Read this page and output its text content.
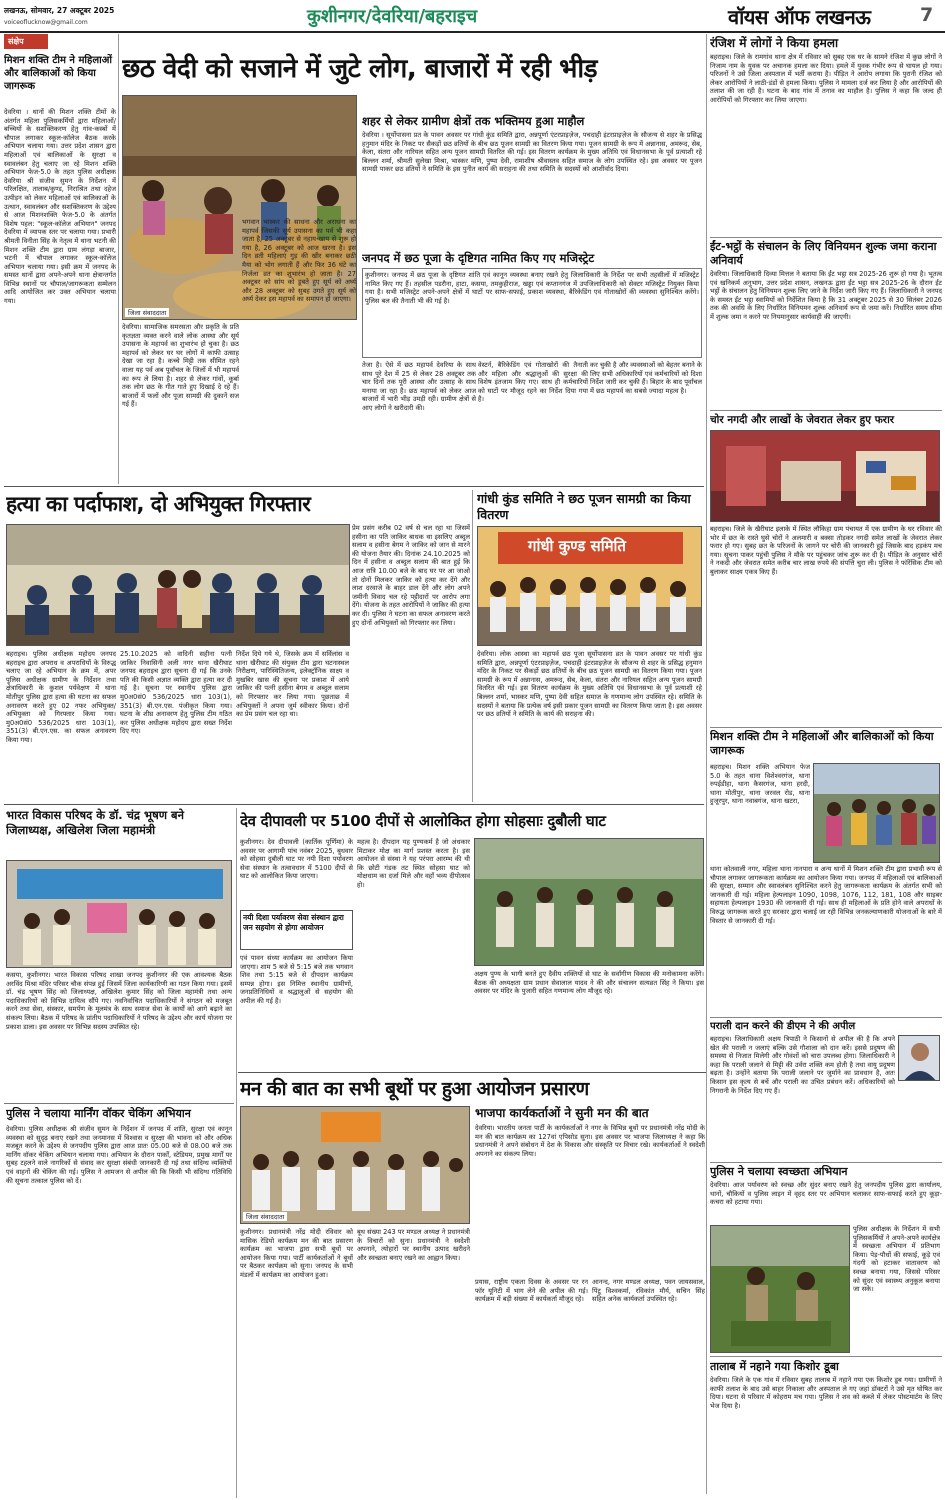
लखनऊ, सोमवार, 27 अक्टूबर 2025
voiceoflucknow@gmail.com	कुशीनगर/देवरिया/बहराइच	वॉयस ऑफ लखनऊ	7
संक्षेप
मिशन शक्ति टीम ने महिलाओं और बालिकाओं को किया जागरूक
देवरिया । थानों की मिशन शक्ति टीमों के अंतर्गत महिला पुलिसकर्मियों द्वारा महिलाओं/बच्चियों के सशक्तिकरण हेतु गांव-कस्बों में चौपाल लगाकर स्कूल-कॉलेज बैठक करके अभियान चलाया गया। उत्तर प्रदेश शासन द्वारा महिलाओं एवं बालिकाओं के सुरक्षा व स्वावलंबन हेतु चलाए जा रहे मिशन शक्ति अभियान फेज-5.0 के तहत पुलिस अधीक्षक देवरिया श्री संजीव सुमन के निर्देशन में परिलक्षित, तालाब/कुण्ड, निराश्रित तथा दहेज उत्पीड़न को लेकर महिलाओं एवं बालिकाओं के उत्थान, स्वावलंबन और सशक्तिकरण के उद्देश्य से आज मिशनशक्ति फेज-5.0 के अंतर्गत विशेष पहल: "स्कूल-कॉलेज अभियान" जनपद देवरिया में व्यापक स्तर पर चलाया गया। प्रभारी श्रीमती विनीता सिंह के नेतृत्व में थाना भटनी की मिशन शक्ति टीम द्वारा ग्राम लंगड़ा बाजार, भटनी में चौपाल लगाकर स्कूल-कॉलेज अभियान चलाया गया। इसी क्रम में जनपद के समस्त थानों द्वारा अपने-अपने थाना क्षेत्रान्तर्गत विभिन्न स्थानों पर चौपाल/जागरूकता सम्मेलन आदि आयोजित कर उक्त अभियान चलाया गया।
छठ वेदी को सजाने में जुटे लोग, बाजारों में रही भीड़
जिला संवाददाता
देवरिया। सामाजिक समरसता और प्रकृति के प्रति कृतज्ञता व्यक्त करने वाले लोक आस्था और सूर्य उपासना के महापर्व का शुभारंभ हो चुका है। छठ महापर्व को लेकर घर घर लोगों में काफी उत्साह देखा जा रहा है। कच्चे मिट्टी तक सीमित रहने वाला यह पर्व अब पूर्वांचल के जिलों में भी महापर्व का रूप ले लिया है। शहर से लेकर गांवों, कूर्बा तक लोग छठ के गीत गाते हुए दिखाई दे रहे हैं। बाजारों में फलों और पूजा सामग्री की दुकानें सज गई हैं।
भगवान भास्कर की साधना और अराधना का महापर्व जिसकी सूर्य उपासना का पर्व भी कहा जाता है, 25 अक्टूबर से नहाय-खाय से शुरू हो गया है, 26 अक्टूबर को आज खरना है। इस दिन व्रती महिलाएं गुड़ की खीर बनाकर छठी मैया को भोग लगाती हैं और फिर 36 घंटे का निर्जला व्रत का शुभारंभ हो जाता है। 27 अक्टूबर को सांय को डूबते हुए सूर्य को अर्घ्य और 28 अक्टूबर को सुबह उगते हुए सूर्य को अर्घ्य देकर इस महापर्व का समापन हो जाएगा।
शहर से लेकर ग्रामीण क्षेत्रों तक भक्तिमय हुआ माहौल
देवरिया । सूर्योपासना प्रत के पावन अवसर पर गांधी कुंड समिति द्वारा, अन्नपूर्णा एंटरप्राइज़ेज, पचदाही इंटरप्राइज़ेज के सौजन्य से शहर के प्रसिद्ध हनुमान मंदिर के निकट पर सैकड़ों छठ व्रतियों के बीच छठ पूजन सामग्री का वितरण किया गया। पूजन सामग्री के रूप में अन्नानास, अमरूद, सेब, केला, संतरा और नारियल सहित अन्य पूजन सामग्री वितरित की गई। इस वितरण कार्यक्रम के मुख्य अतिथि एवं विधानसभा के पूर्व प्रत्याशी रहे बिल्लन शर्मा, श्रीमती सुलेखा मिश्रा, भास्कर मणि, पुष्पा देवी, रामाशीष श्रीवास्तव सहित समाज के लोग उपस्थित रहे। इस अवसर पर पूजन सामग्री पाकर छठ व्रतियों ने समिति के इस पुनीत कार्य की सराहना की तथा समिति के सदस्यों को आशीर्वाद दिया।
जनपद में छठ पूजा के दृष्टिगत नामित किए गए मजिस्ट्रेट
कुशीनगर। जनपद में छठ पूजा के दृष्टिगत शांति एवं कानून व्यवस्था बनाए रखने हेतु जिलाधिकारी के निर्देश पर सभी तहसीलों में मजिस्ट्रेट नामित किए गए हैं। तहसील पडरौना, हाटा, कसया, तमकुहीराज, खड्डा एवं कप्तानगंज में उपजिलाधिकारी को सेक्टर मजिस्ट्रेट नियुक्त किया गया है। सभी मजिस्ट्रेट अपने-अपने क्षेत्रों में घाटों पर साफ-सफाई, प्रकाश व्यवस्था, बैरिकेडिंग एवं गोताखोरों की व्यवस्था सुनिश्चित करेंगे। पुलिस बल की तैनाती भी की गई है।
तेजा है। ऐसे में छठ महापर्व देवरिया के साथ साथ पूरे देश में 25 से लेकर 28 अक्टूबर तक चार दिनों तक पूरी आस्था और उत्साह के साथ मनाया जा रहा है। छठ महापर्व को लेकर आज बाजारों में भारी भीड़ उमड़ी रही। ग्रामीण क्षेत्रों से आए लोगों ने खरीदारी की।
वेस्टर्न, बैरिकेडिंग एवं गोताखोरों की तैनाती और महिला और श्रद्धालुओं की सुरक्षा की विशेष इंतजाम किए गए। साथ ही कर्मचारियों को घाटों पर मौजूद रहने का निर्देश दिया गया है।
कर चुकी है और व्यवस्थाओं को बेहतर बनाने के लिए सभी अधिकारियों एवं कर्मचारियों को दिशा निर्देश जारी कर चुकी हैं। बिहार के बाद पूर्वांचल में छठ महापर्व का सबसे ज्यादा महत्व है।
रंजिश में लोगों ने किया हमला
बहराइच। जिले के रामगांव थाना क्षेत्र में रविवार को सुबह एक घर के सामने रंजिश में कुछ लोगों ने निजाम नाम के युवक पर अचानक हमला कर दिया। हमले में युवक गंभीर रूप से घायल हो गया। परिजनों ने उसे जिला अस्पताल में भर्ती कराया है। पीड़ित ने आरोप लगाया कि पुरानी रंजिश को लेकर आरोपियों ने लाठी-डंडों से हमला किया। पुलिस ने मामला दर्ज कर लिया है और आरोपियों की तलाश की जा रही है। घटना के बाद गांव में तनाव का माहौल है। पुलिस ने कहा कि जल्द ही आरोपियों को गिरफ्तार कर लिया जाएगा।
ईंट-भट्ठों के संचालन के लिए विनियमन शुल्क जमा कराना अनिवार्य
देवरिया। जिलाधिकारी दिव्या मित्तल ने बताया कि ईंट भट्ठा सत्र 2025-26 शुरू हो गया है। भूतत्व एवं खनिकर्म अनुभाग, उत्तर प्रदेश शासन, लखनऊ द्वारा ईंट भट्ठा सत्र 2025-26 के दौरान ईंट भट्ठों के संचालन हेतु विनियमन शुल्क लिए जाने के निर्देश जारी किए गए हैं। जिलाधिकारी ने जनपद के समस्त ईंट भट्ठा स्वामियों को निर्देशित किया है कि 31 अक्टूबर 2025 से 30 सितंबर 2026 तक की अवधि के लिए निर्धारित विनियमन शुल्क अनिवार्य रूप से जमा करें। निर्धारित समय सीमा में शुल्क जमा न करने पर नियमानुसार कार्यवाही की जाएगी।
चोर नगदी और लाखों के जेवरात लेकर हुए फरार
बहराइच। जिले के खैरीघाट इलाके में स्थित लौकिहा ग्राम पंचायत में एक ग्रामीण के घर रविवार की भोर में छत के रास्ते घुसे चोरों ने अलमारी व बक्सा तोड़कर नगदी समेत लाखों के जेवरात लेकर फरार हो गए। सुबह छत के परिजनों के जागने पर चोरी की जानकारी हुई जिसके बाद हड़कंप मच गया। सूचना पाकर पहुंची पुलिस ने मौके पर पहुंचकर जांच शुरू कर दी है। पीड़ित के अनुसार चोरों ने नकदी और जेवरात समेत करीब चार लाख रुपये की संपत्ति चुरा ली। पुलिस ने फॉरेंसिक टीम को बुलाकर साक्ष्य एकत्र किए हैं।
मिशन शक्ति टीम ने महिलाओं और बालिकाओं को किया जागरूक
बहराइच। मिशन शक्ति अभियान फेज 5.0 के तहत थाना विशेश्वरगंज, थाना रुपईडीहा, थाना कैसरगंज, थाना हरदी, थाना मोतीपुर, थाना जरवल रोड, थाना हुजूरपुर, थाना नवाबगंज, थाना खटरा,
थाना कोतवाली नगर, महिला थाना नानपारा व अन्य थानों में मिशन शक्ति टीम द्वारा प्रभावी रूप से चौपाल लगाकर जागरूकता कार्यक्रम का आयोजन किया गया। जनपद में महिलाओं एवं बालिकाओं की सुरक्षा, सम्मान और स्वावलंबन सुनिश्चित करने हेतु जागरूकता कार्यक्रम के अंतर्गत सभी को जानकारी दी गई। महिला हेल्पलाइन 1090, 1098, 1076, 112, 181, 108 और साइबर सहायता हेल्पलाइन 1930 की जानकारी दी गई। साथ ही महिलाओं के प्रति होने वाले अपराधों के विरुद्ध जागरूक करते हुए सरकार द्वारा चलाई जा रही विभिन्न जनकल्याणकारी योजनाओं के बारे में विस्तार से जानकारी दी गई।
पराली दान करने की डीएम ने की अपील
बहराइच। जिलाधिकारी अक्षय त्रिपाठी ने किसानों से अपील की है कि अपने खेत की पराली न जलाएं बल्कि उसे गौशाला को दान करें। इससे प्रदूषण की समस्या से निजात मिलेगी और गोवंशों को चारा उपलब्ध होगा। जिलाधिकारी ने कहा कि पराली जलाने से मिट्टी की उर्वरा शक्ति कम होती है तथा वायु प्रदूषण बढ़ता है। उन्होंने बताया कि पराली जलाने पर जुर्माने का प्रावधान है, अतः किसान इस कृत्य से बचें और पराली का उचित प्रबंधन करें। अधिकारियों को निगरानी के निर्देश दिए गए हैं।
पुलिस ने चलाया स्वच्छता अभियान
देवरिया। आज पर्यावरण को स्वच्छ और सुंदर बनाए रखने हेतु जनपदीय पुलिस द्वारा कार्यालय, थानों, चौकियों व पुलिस लाइन में वृहद स्तर पर अभियान चलाकर साफ-सफाई करते हुए कूड़ा-कचरा को हटाया गया।
पुलिस अधीक्षक के निर्देशन में सभी पुलिसकर्मियों ने अपने-अपने कार्यक्षेत्र में स्वच्छता अभियान में प्रतिभाग किया। पेड़-पौधों की सफाई, कूड़े एवं गंदगी को हटाकर वातावरण को स्वच्छ बनाया गया, जिससे परिसर को सुंदर एवं स्वास्थ्य अनुकूल बनाया जा सके।
तालाब में नहाने गया किशोर डूबा
देवरिया। जिले के एक गांव में रविवार सुबह तालाब में नहाने गया एक किशोर डूब गया। ग्रामीणों ने काफी तलाश के बाद उसे बाहर निकाला और अस्पताल ले गए जहां डॉक्टरों ने उसे मृत घोषित कर दिया। घटना से परिवार में कोहराम मच गया। पुलिस ने शव को कब्जे में लेकर पोस्टमार्टम के लिए भेज दिया है।
हत्या का पर्दाफाश, दो अभियुक्त गिरफ्तार
प्रेम प्रसंग करीब 02 वर्ष से चल रहा था जिसमें हसीना का पति जाकिर बाधक था इसलिए अब्दुल सलाम व हसीना बेगम ने जाकिर को जान से मारने की योजना तैयार की। दिनांक 24.10.2025 को दिन में हसीना व अब्दुल सलाम की बात हुई कि आज रात्रि 10.00 बजे के बाद घर पर आ जाओ तो दोनों मिलकर जाकिर को हत्या कर देंगे और लाश दरवाजे के बाहर डाल देंगे और लोग अपने जमीनी विवाद चल रहे पट्टीदारों पर आरोप लगा देंगे। योजना के तहत आरोपियों ने जाकिर की हत्या कर दी। पुलिस ने घटना का सफल अनावरण करते हुए दोनों अभियुक्तों को गिरफ्तार कर लिया।
बहराइच। पुलिस अधीक्षक महोदय जनपद बहराइच द्वारा अपराध व अपराधियों के विरुद्ध चलाए जा रहे अभियान के क्रम में, अपर पुलिस अधीक्षक ग्रामीण के निर्देशन तथा क्षेत्राधिकारी के कुशल पर्यवेक्षण में थाना मोतीपुर पुलिस द्वारा हत्या की घटना का सफल अनावरण करते हुए 02 नफर अभियुक्त/अभियुक्ता को गिरफ्तार किया गया। मु0अ0सं0 536/2025 धारा 103(1), 351(3) बी.एन.एस. का सफल अनावरण किया गया।
25.10.2025 को वादिनी सहीना पत्नी जाकिर निवासिनी अली नगर थाना खैरीघाट जनपद बहराइच द्वारा सूचना दी गई कि उनके पति की किसी अज्ञात व्यक्ति द्वारा हत्या कर दी गई है। सूचना पर स्थानीय पुलिस द्वारा मु0अ0सं0 536/2025 धारा 103(1), 351(3) बी.एन.एस. पंजीकृत किया गया। घटना के शीघ्र अनावरण हेतु पुलिस टीम गठित कर पुलिस अधीक्षक महोदय द्वारा सख्त निर्देश दिए गए।
निर्देश दिये गये थे, जिसके क्रम में सर्विलांस व थाना खैरीघाट की संयुक्त टीम द्वारा घटनास्थल निरीक्षण, पारिस्थितिजन्य, इलेक्ट्रॉनिक साक्ष्य व मुखबिर खास की सूचना पर प्रकाश में आये जाकिर की पत्नी हसीना बेगम व अब्दुल सलाम को गिरफ्तार कर लिया गया। पूछताछ में अभियुक्तों ने अपना जुर्म स्वीकार किया। दोनों का प्रेम प्रसंग चल रहा था।
गांधी कुंड समिति ने छठ पूजन सामग्री का किया वितरण
गांधी कुण्ड समिति
देवरिया। लोक आस्था का महापर्व छठ पूजा सूर्योपासना व्रत के पावन अवसर पर गांधी कुंड समिति द्वारा, अन्नपूर्णा एंटरप्राइज़ेज, पचदाही इंटरप्राइज़ेज के सौजन्य से शहर के प्रसिद्ध हनुमान मंदिर के निकट पर सैकड़ों छठ व्रतियों के बीच छठ पूजन सामग्री का वितरण किया गया। पूजन सामग्री के रूप में अन्नानास, अमरूद, सेब, केला, संतरा और नारियल सहित अन्य पूजन सामग्री वितरित की गई। इस वितरण कार्यक्रम के मुख्य अतिथि एवं विधानसभा के पूर्व प्रत्याशी रहे बिल्लन शर्मा, भास्कर मणि, पुष्पा देवी सहित समाज के गणमान्य लोग उपस्थित रहे। समिति के सदस्यों ने बताया कि प्रत्येक वर्ष इसी प्रकार पूजन सामग्री का वितरण किया जाता है। इस अवसर पर छठ व्रतियों ने समिति के कार्य की सराहना की।
भारत विकास परिषद के डॉ. चंद्र भूषण बने जिलाध्यक्ष, अखिलेश जिला महामंत्री
कसया, कुशीनगर। भारत विकास परिषद शाखा जनपद कुशीनगर की एक आवश्यक बैठक अरविंद मिश्रा मंदिर परिसर चौक संपन्न हुई जिसमें जिला कार्यकारिणी का गठन किया गया। इसमें डॉ. चंद्र भूषण सिंह को जिलाध्यक्ष, अखिलेश कुमार सिंह को जिला महामंत्री तथा अन्य पदाधिकारियों को विभिन्न दायित्व सौंपे गए। नवनिर्वाचित पदाधिकारियों ने संगठन को मजबूत करने तथा सेवा, संस्कार, समर्पण के मूलमंत्र के साथ समाज सेवा के कार्यों को आगे बढ़ाने का संकल्प लिया। बैठक में परिषद के प्रांतीय पदाधिकारियों ने परिषद के उद्देश्य और कार्य योजना पर प्रकाश डाला। इस अवसर पर विभिन्न सदस्य उपस्थित रहे।
पुलिस ने चलाया मार्निंग वॉकर चेकिंग अभियान
देवरिया। पुलिस अधीक्षक श्री संजीव सुमन के निर्देशन में जनपद में शांति, सुरक्षा एवं कानून व्यवस्था को सुदृढ़ बनाए रखने तथा जनमानस में विश्वास व सुरक्षा की भावना को और अधिक मजबूत करने के उद्देश्य से जनपदीय पुलिस द्वारा आज प्रातः 05.00 बजे से 08.00 बजे तक मार्निंग वॉकर चेकिंग अभियान चलाया गया। अभियान के दौरान पार्कों, स्टेडियम, प्रमुख मार्गों पर सुबह टहलने वाले नागरिकों से संवाद कर सुरक्षा संबंधी जानकारी दी गई तथा संदिग्ध व्यक्तियों एवं वाहनों की चेकिंग की गई। पुलिस ने आमजन से अपील की कि किसी भी संदिग्ध गतिविधि की सूचना तत्काल पुलिस को दें।
देव दीपावली पर 5100 दीपों से आलोकित होगा सोहसाः दुबौली घाट
कुशीनगर। देव दीपावली (कार्तिक पूर्णिमा) के अवसर पर आगामी पांच नवंबर 2025, बुधवार को सोहसा दुबौली घाट पर नयी दिशा पर्यावरण सेवा संस्थान के तत्वावधान में 5100 दीपों से घाट को आलोकित किया जाएगा।
नयी दिशा पर्यावरण सेवा संस्थान द्वारा जन सहयोग से होगा आयोजन
एवं पावन संध्या कार्यक्रम का आयोजन किया जाएगा। शाम 5 बजे से 5:15 बजे तक भगवान शिव तथा 5:15 बजे से दीपदान कार्यक्रम सम्पन्न होगा। इस निमित्त स्थानीय ग्रामीणों, जनप्रतिनिधियों व श्रद्धालुओं से सहयोग की अपील की गई है।
महत्व है। दीपदान यह पुण्यकर्म है जो अंधकार मिटाकर मोक्ष का मार्ग प्रशस्त करता है। इस आयोजन से संस्था ने यह परंपरा आरम्भ की थी कि छोटी गंडक तट स्थित सोहसा घाट को मोक्षधाम का दर्जा मिले और वहाँ भव्य दीपोत्सव हो।
अक्षय पुण्य के भागी बनते हुए दैवीय शक्तियों से घाट के सर्वांगीण विकास की मनोकामना करेंगे। बैठक की अध्यक्षता ग्राम प्रधान सेवालाल यादव ने की और संचालन सत्यव्रत सिंह ने किया। इस अवसर पर मंदिर के पुजारी सहित गणमान्य लोग मौजूद रहे।
मन की बात का सभी बूथों पर हुआ आयोजन प्रसारण
जिला संवाददाता
कुशीनगर। प्रधानमंत्री नरेंद्र मोदी रविवार को मासिक रेडियो कार्यक्रम मन की बात प्रसारण कार्यक्रम का भाजपा द्वारा सभी बूथों पर आयोजन किया गया। पार्टी कार्यकर्ताओं ने बूथों पर बैठकर कार्यक्रम को सुना। जनपद के सभी मंडलों में कार्यक्रम का आयोजन हुआ।
बूथ संख्या 243 पर मण्डल अध्यक्ष ने प्रधानमंत्री के विचारों को सुना। प्रधानमंत्री ने स्वदेशी अपनाने, त्योहारों पर स्थानीय उत्पाद खरीदने और स्वच्छता बनाए रखने का आह्वान किया।
भाजपा कार्यकर्ताओं ने सुनी मन की बात
देवरिया। भारतीय जनता पार्टी के कार्यकर्ताओं ने नगर के विभिन्न बूथों पर प्रधानमंत्री नरेंद्र मोदी के मन की बात कार्यक्रम का 127वां एपिसोड सुना। इस अवसर पर भाजपा जिलाध्यक्ष ने कहा कि प्रधानमंत्री ने अपने संबोधन में देश के विकास और संस्कृति पर विचार रखे। कार्यकर्ताओं ने स्वदेशी अपनाने का संकल्प लिया।
प्रयास, राष्ट्रीय एकता दिवस के अवसर पर रन फॉर यूनिटी में भाग लेने की अपील की गई। कार्यक्रम में बड़ी संख्या में कार्यकर्ता मौजूद रहे।
आनन्द, नगर मण्डल अध्यक्ष, पवन जायसवाल, पिंटू विश्वकर्मा, रविकांत मौर्य, सचिन सिंह सहित अनेक कार्यकर्ता उपस्थित रहे।
